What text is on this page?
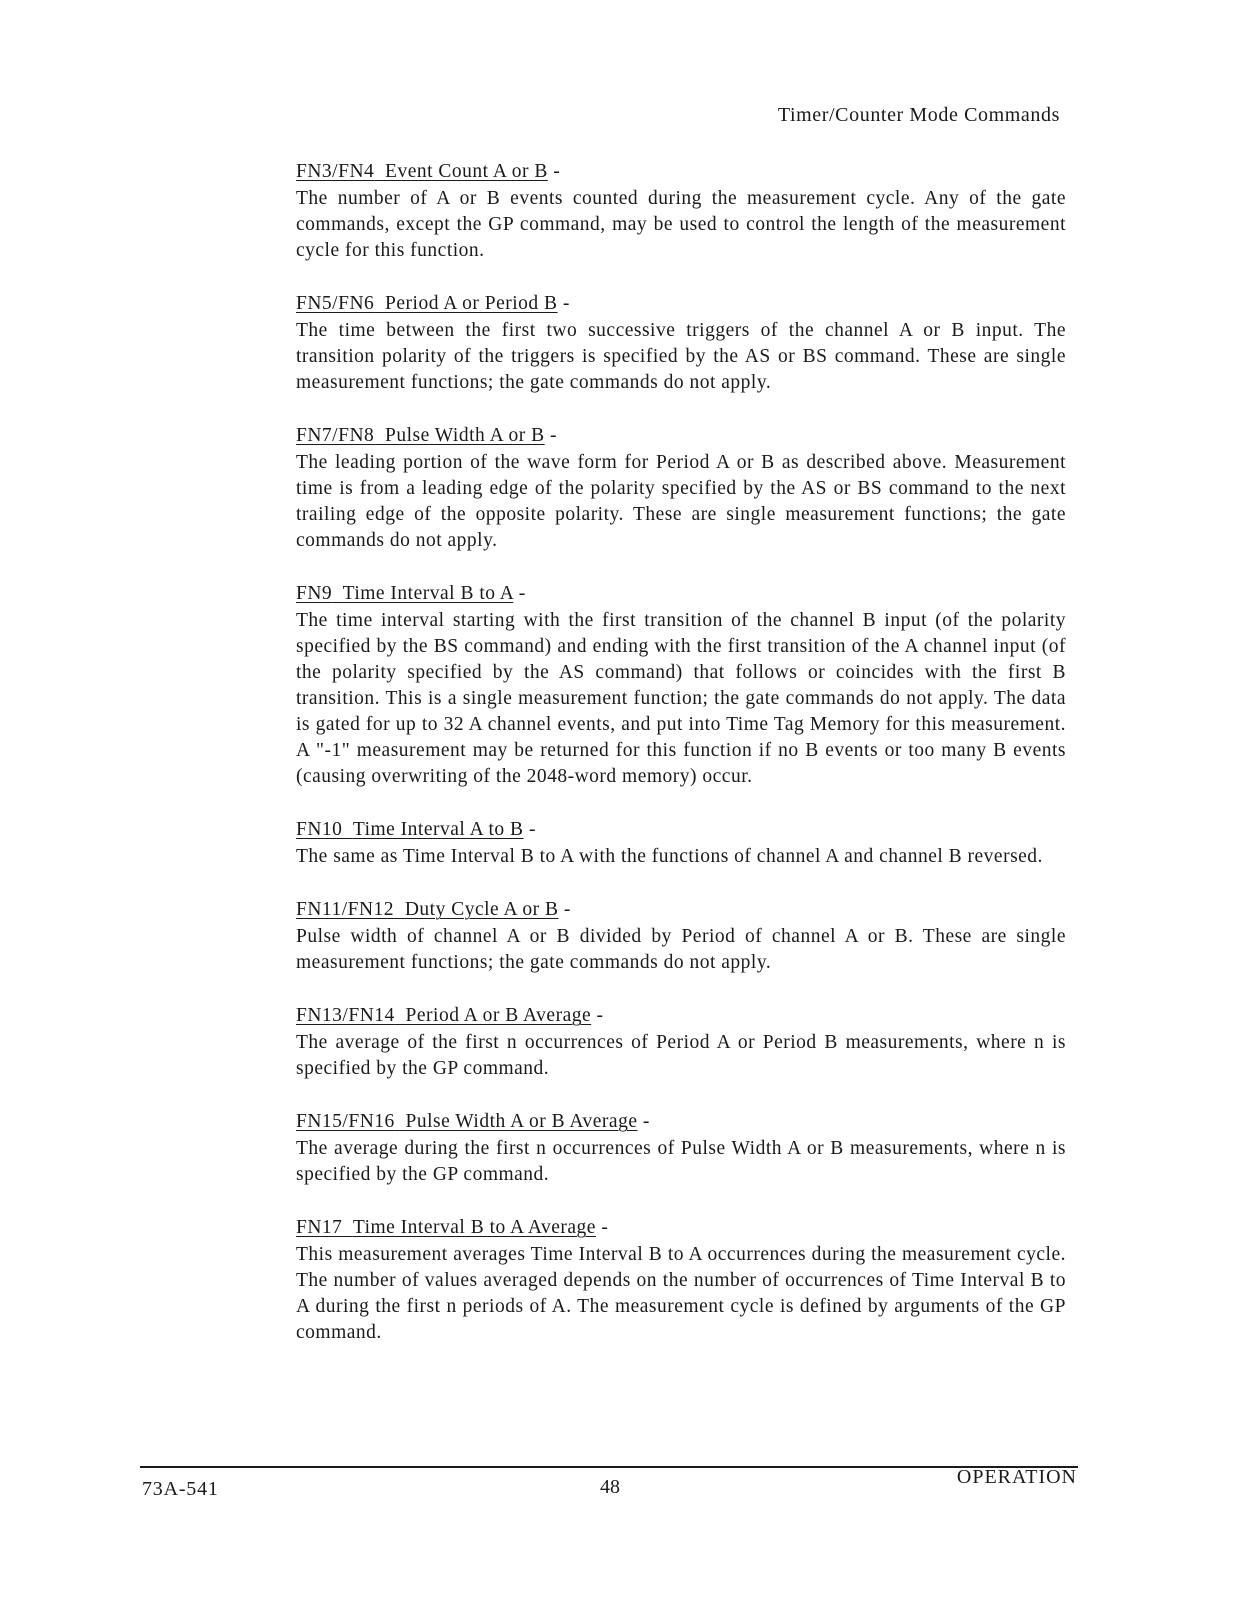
Timer/Counter Mode Commands
FN3/FN4 Event Count A or B -
The number of A or B events counted during the measurement cycle. Any of the gate commands, except the GP command, may be used to control the length of the measurement cycle for this function.
FN5/FN6 Period A or Period B -
The time between the first two successive triggers of the channel A or B input. The transition polarity of the triggers is specified by the AS or BS command. These are single measurement functions; the gate commands do not apply.
FN7/FN8 Pulse Width A or B -
The leading portion of the wave form for Period A or B as described above. Measurement time is from a leading edge of the polarity specified by the AS or BS command to the next trailing edge of the opposite polarity. These are single measurement functions; the gate commands do not apply.
FN9 Time Interval B to A -
The time interval starting with the first transition of the channel B input (of the polarity specified by the BS command) and ending with the first transition of the A channel input (of the polarity specified by the AS command) that follows or coincides with the first B transition. This is a single measurement function; the gate commands do not apply. The data is gated for up to 32 A channel events, and put into Time Tag Memory for this measurement. A "-1" measurement may be returned for this function if no B events or too many B events (causing overwriting of the 2048-word memory) occur.
FN10 Time Interval A to B -
The same as Time Interval B to A with the functions of channel A and channel B reversed.
FN11/FN12 Duty Cycle A or B -
Pulse width of channel A or B divided by Period of channel A or B. These are single measurement functions; the gate commands do not apply.
FN13/FN14 Period A or B Average -
The average of the first n occurrences of Period A or Period B measurements, where n is specified by the GP command.
FN15/FN16 Pulse Width A or B Average -
The average during the first n occurrences of Pulse Width A or B measurements, where n is specified by the GP command.
FN17 Time Interval B to A Average -
This measurement averages Time Interval B to A occurrences during the measurement cycle. The number of values averaged depends on the number of occurrences of Time Interval B to A during the first n periods of A. The measurement cycle is defined by arguments of the GP command.
73A-541	48	OPERATION
